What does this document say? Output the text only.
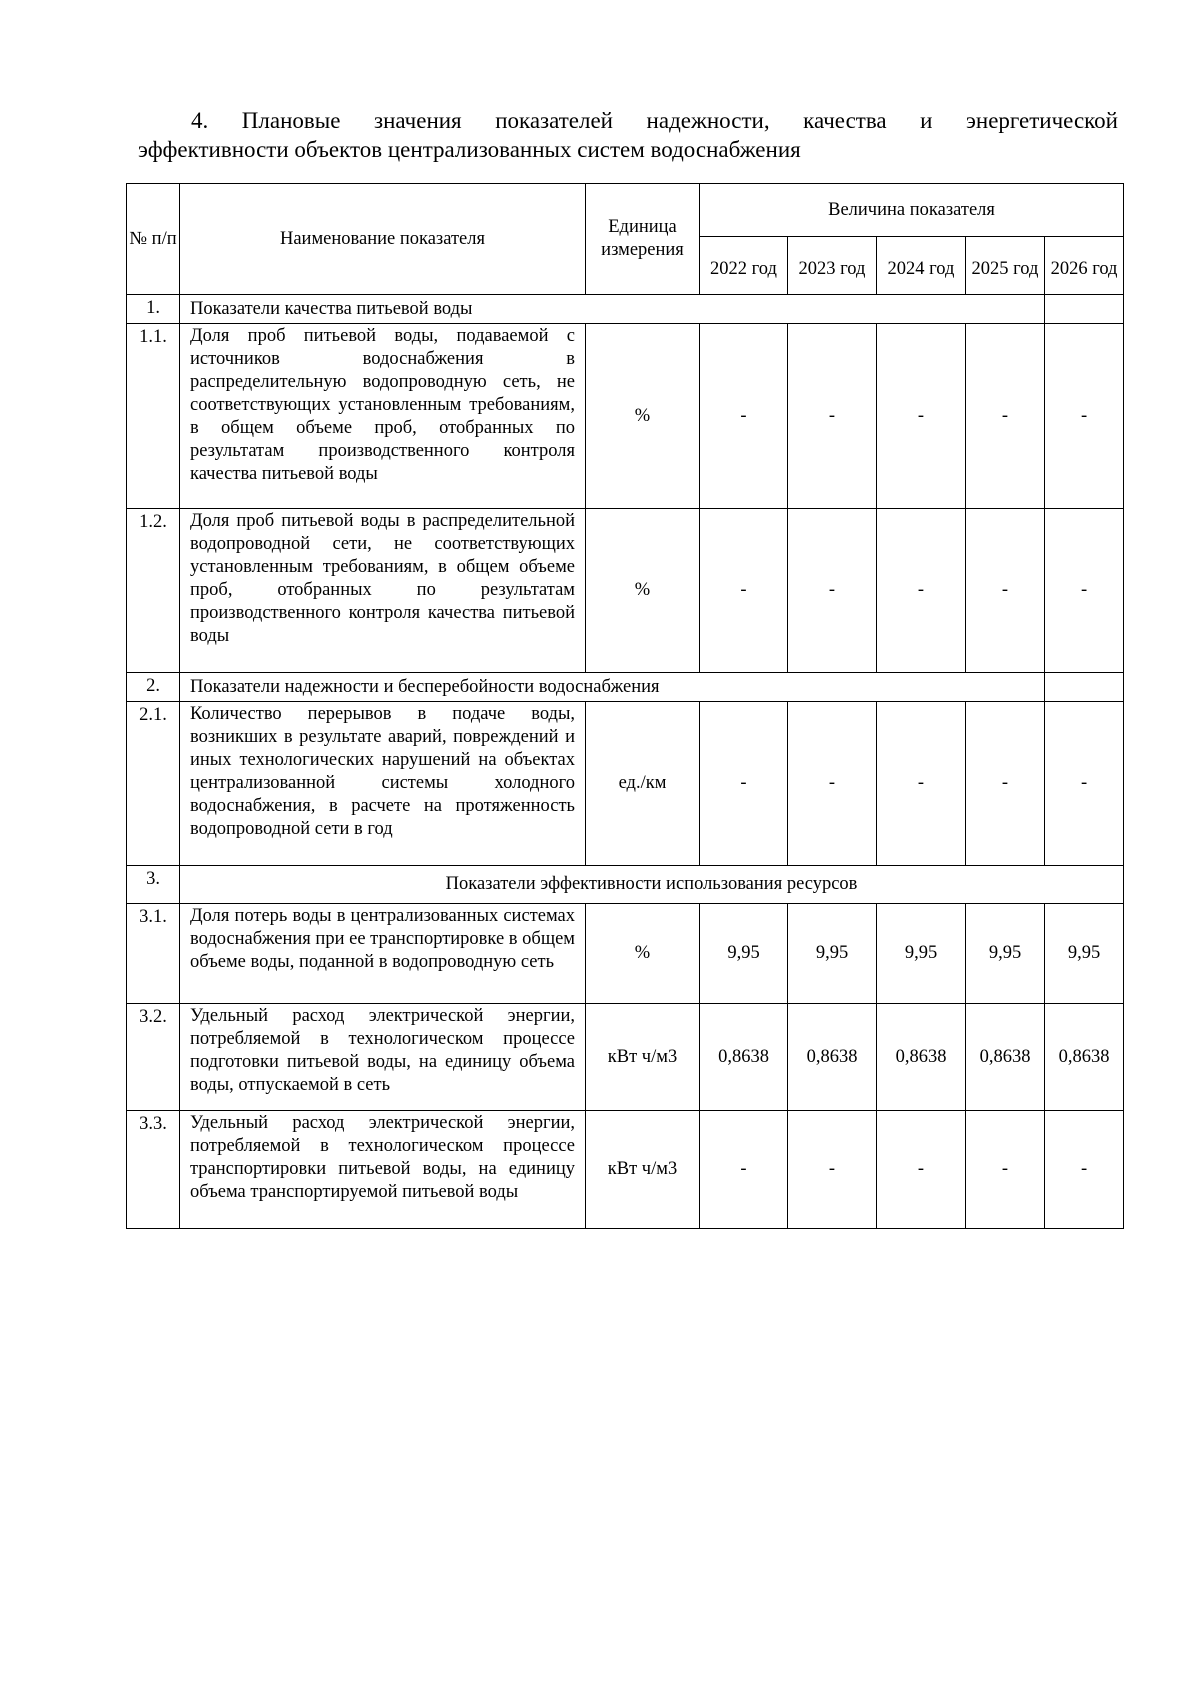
4. Плановые значения показателей надежности, качества и энергетической
эффективности объектов централизованных систем водоснабжения
№ п/п	Наименование показателя	Единица измерения	Величина показателя				
			2022 год	2023 год	2024 год	2025 год	2026 год
1.	Показатели качества питьевой воды						
1.1.	Доля проб питьевой воды, подаваемой с источников водоснабжения в распределительную водопроводную сеть, не соответствующих установленным требованиям, в общем объеме проб, отобранных по результатам производственного контроля качества питьевой воды	%	-	-	-	-	-
1.2.	Доля проб питьевой воды в распределительной водопроводной сети, не соответствующих установленным требованиям, в общем объеме проб, отобранных по результатам производственного контроля качества питьевой воды	%	-	-	-	-	-
2.	Показатели надежности и бесперебойности водоснабжения						
2.1.	Количество перерывов в подаче воды, возникших в результате аварий, повреждений и иных технологических нарушений на объектах централизованной системы холодного водоснабжения, в расчете на протяженность водопроводной сети в год	ед./км	-	-	-	-	-
3.	Показатели эффективности использования ресурсов						
3.1.	Доля потерь воды в централизованных системах водоснабжения при ее транспортировке в общем объеме воды, поданной в водопроводную сеть	%	9,95	9,95	9,95	9,95	9,95
3.2.	Удельный расход электрической энергии, потребляемой в технологическом процессе подготовки питьевой воды, на единицу объема воды, отпускаемой в сеть	кВт ч/м3	0,8638	0,8638	0,8638	0,8638	0,8638
3.3.	Удельный расход электрической энергии, потребляемой в технологическом процессе транспортировки питьевой воды, на единицу объема транспортируемой питьевой воды	кВт ч/м3	-	-	-	-	-
